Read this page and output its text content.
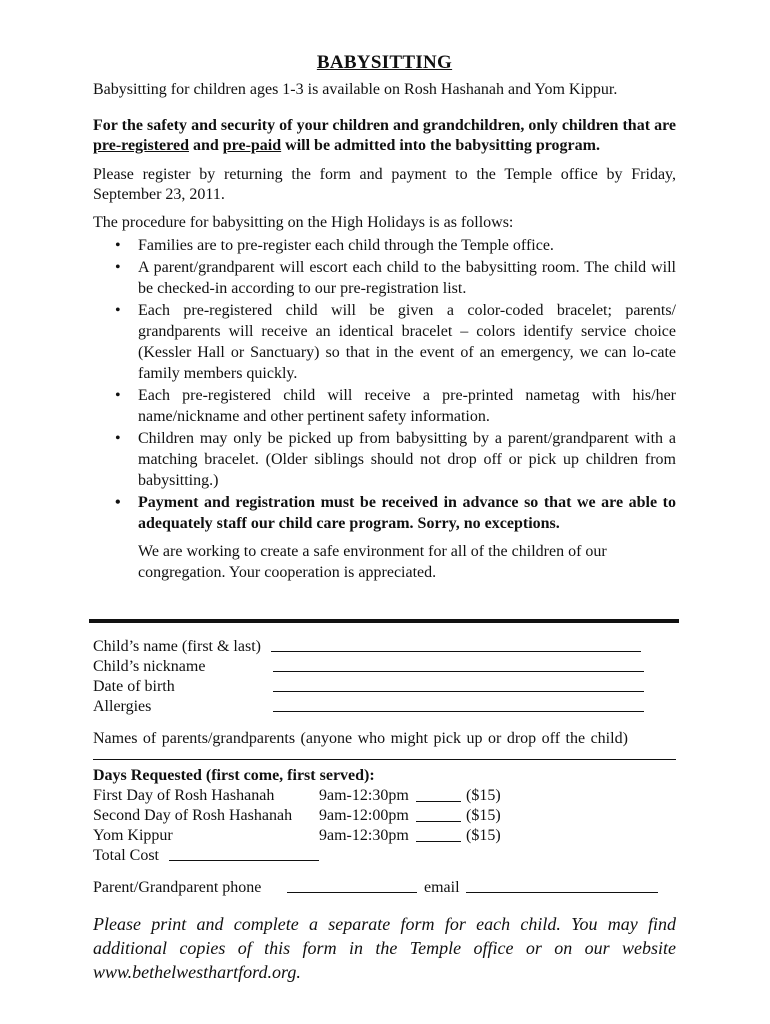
BABYSITTING

Babysitting for children ages 1-3 is available on Rosh Hashanah and Yom Kippur.

For the safety and security of your children and grandchildren, only children that are pre-registered and pre-paid will be admitted into the babysitting program.

Please register by returning the form and payment to the Temple office by Friday, September 23, 2011.

The procedure for babysitting on the High Holidays is as follows:

• Families are to pre-register each child through the Temple office.
• A parent/grandparent will escort each child to the babysitting room. The child will be checked-in according to our pre-registration list.
• Each pre-registered child will be given a color-coded bracelet; parents/ grandparents will receive an identical bracelet – colors identify service choice (Kessler Hall or Sanctuary) so that in the event of an emergency, we can lo-cate family members quickly.
• Each pre-registered child will receive a pre-printed nametag with his/her name/nickname and other pertinent safety information.
• Children may only be picked up from babysitting by a parent/grandparent with a matching bracelet. (Older siblings should not drop off or pick up children from babysitting.)
• Payment and registration must be received in advance so that we are able to adequately staff our child care program. Sorry, no exceptions.
We are working to create a safe environment for all of the children of our congregation. Your cooperation is appreciated.
Child’s name (first & last)
Child’s nickname
Date of birth
Allergies
Names of parents/grandparents (anyone who might pick up or drop off the child)
Days Requested (first come, first served):
First Day of Rosh Hashanah	9am-12:30pm	($15)
Second Day of Rosh Hashanah 9am-12:00pm	($15)
Yom Kippur	9am-12:30pm	($15)
Total Cost
Parent/Grandparent phone	email
Please print and complete a separate form for each child. You may find additional copies of this form in the Temple office or on our website www.bethelwesthartford.org.
